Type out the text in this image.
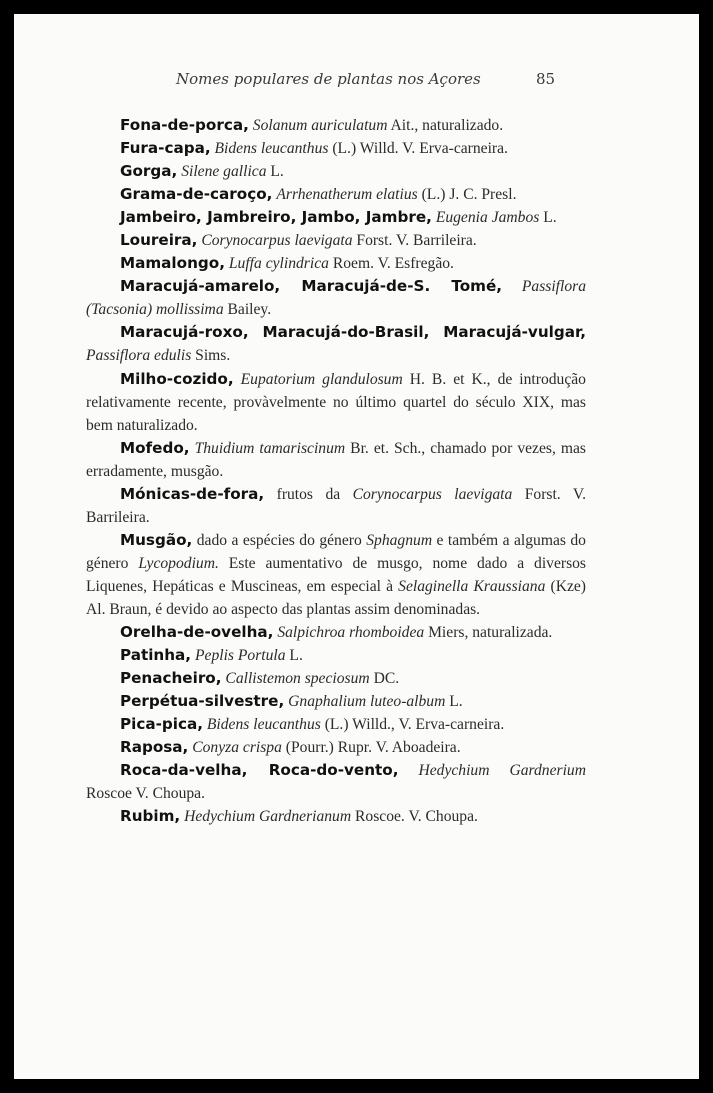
Nomes populares de plantas nos Açores	85

Fona-de-porca, Solanum auriculatum Ait., naturalizado.

Fura-capa, Bidens leucanthus (L.) Willd. V. Erva-carneira.

Gorga, Silene gallica L.

Grama-de-caroço, Arrhenatherum elatius (L.) J. C. Presl.

Jambeiro, Jambreiro, Jambo, Jambre, Eugenia Jambos L.

Loureira, Corynocarpus laevigata Forst. V. Barrileira.

Mamalongo, Luffa cylindrica Roem. V. Esfregão.

Maracujá-amarelo, Maracujá-de-S. Tomé, Passiflora (Tacsonia) mollissima Bailey.

Maracujá-roxo, Maracujá-do-Brasil, Maracujá-vulgar, Passiflora edulis Sims.

Milho-cozido, Eupatorium glandulosum H. B. et K., de introdução relativamente recente, provàvelmente no último quartel do século XIX, mas bem naturalizado.

Mofedo, Thuidium tamariscinum Br. et. Sch., chamado por vezes, mas erradamente, musgão.

Mónicas-de-fora, frutos da Corynocarpus laevigata Forst. V. Barrileira.

Musgão, dado a espécies do género Sphagnum e também a algumas do género Lycopodium. Este aumentativo de musgo, nome dado a diversos Liquenes, Hepáticas e Muscineas, em especial à Selaginella Kraussiana (Kze) Al. Braun, é devido ao aspecto das plantas assim denominadas.

Orelha-de-ovelha, Salpichroa rhomboidea Miers, naturalizada.

Patinha, Peplis Portula L.

Penacheiro, Callistemon speciosum DC.

Perpétua-silvestre, Gnaphalium luteo-album L.

Pica-pica, Bidens leucanthus (L.) Willd., V. Erva-carneira.

Raposa, Conyza crispa (Pourr.) Rupr. V. Aboadeira.

Roca-da-velha, Roca-do-vento, Hedychium Gardnerium Roscoe V. Choupa.

Rubim, Hedychium Gardnerianum Roscoe. V. Choupa.
